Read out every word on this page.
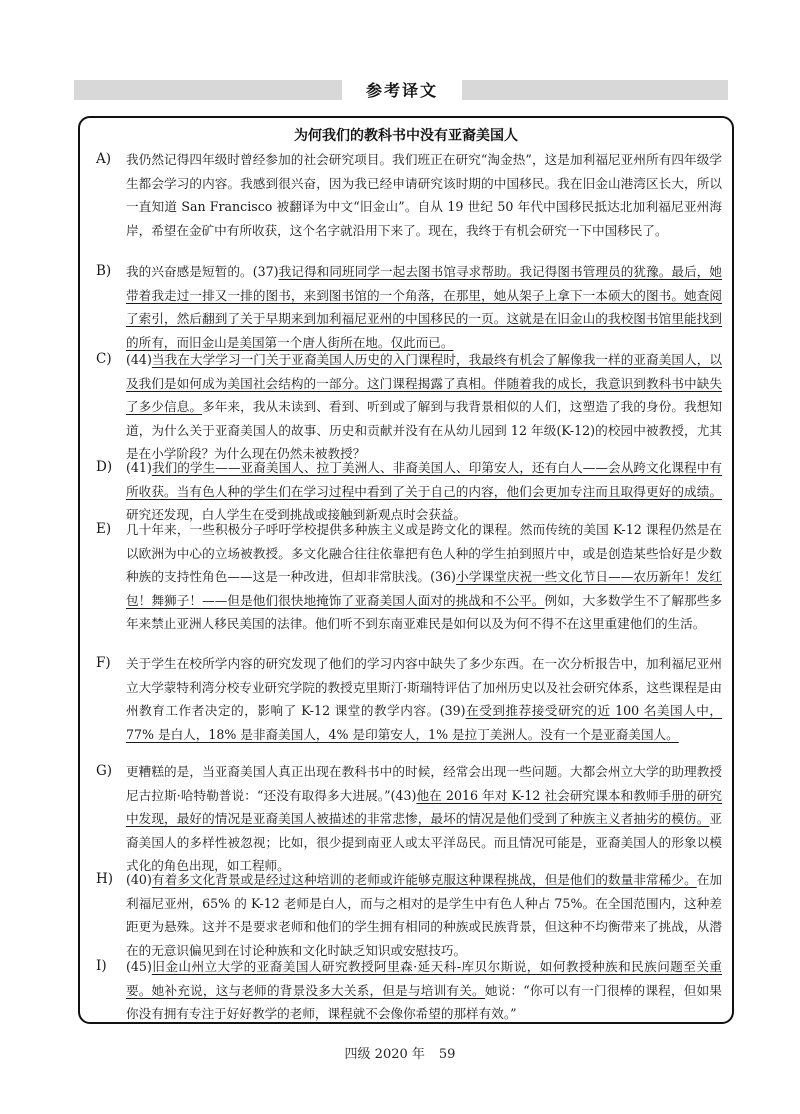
参考译文
为何我们的教科书中没有亚裔美国人
A) 我仍然记得四年级时曾经参加的社会研究项目。我们班正在研究“淘金热”，这是加利福尼亚州所有四年级学生都会学习的内容。我感到很兴奋，因为我已经申请研究该时期的中国移民。我在旧金山港湾区长大，所以一直知道 San Francisco 被翻译为中文“旧金山”。自从 19 世纪 50 年代中国移民抵达北加利福尼亚州海岸，希望在金矿中有所收获，这个名字就沿用下来了。现在，我终于有机会研究一下中国移民了。
B) 我的兴奋感是短暂的。(37)我记得和同班同学一起去图书馆寻求帮助。我记得图书管理员的犹豫。最后，她带着我走过一排又一排的图书，来到图书馆的一个角落，在那里，她从架子上拿下一本硕大的图书。她查阅了索引，然后翻到了关于早期来到加利福尼亚州的中国移民的一页。这就是在旧金山的我校图书馆里能找到的所有，而旧金山是美国第一个唐人街所在地。仅此而已。
C) (44)当我在大学学习一门关于亚裔美国人历史的入门课程时，我最终有机会了解像我一样的亚裔美国人，以及我们是如何成为美国社会结构的一部分。这门课程揭露了真相。伴随着我的成长，我意识到教科书中缺失了多少信息。多年来，我从未读到、看到、听到或了解到与我背景相似的人们，这塑造了我的身份。我想知道，为什么关于亚裔美国人的故事、历史和贡献并没有在从幼儿园到 12 年级(K-12)的校园中被教授，尤其是在小学阶段？为什么现在仍然未被教授？
D) (41)我们的学生——亚裔美国人、拉丁美洲人、非裔美国人、印第安人，还有白人——会从跨文化课程中有所收获。当有色人种的学生们在学习过程中看到了关于自己的内容，他们会更加专注而且取得更好的成绩。研究还发现，白人学生在受到挑战或接触到新观点时会获益。
E) 几十年来，一些积极分子呼吁学校提供多种族主义或是跨文化的课程。然而传统的美国 K-12 课程仍然是在以欧洲为中心的立场被教授。多文化融合往往依靠把有色人种的学生拍到照片中，或是创造某些恰好是少数种族的支持性角色——这是一种改进，但却非常肤浅。(36)小学课堂庆祝一些文化节日——农历新年！发红包！舞狮子！——但是他们很快地掩饰了亚裔美国人面对的挑战和不公平。例如，大多数学生不了解那些多年来禁止亚洲人移民美国的法律。他们听不到东南亚难民是如何以及为何不得不在这里重建他们的生活。
F) 关于学生在校所学内容的研究发现了他们的学习内容中缺失了多少东西。在一次分析报告中，加利福尼亚州立大学蒙特利湾分校专业研究学院的教授克里斯汀·斯瑞特评估了加州历史以及社会研究体系，这些课程是由州教育工作者决定的，影响了 K-12 课堂的教学内容。(39)在受到推荐接受研究的近 100 名美国人中，77% 是白人，18% 是非裔美国人，4% 是印第安人，1% 是拉丁美洲人。没有一个是亚裔美国人。
G) 更糟糕的是，当亚裔美国人真正出现在教科书中的时候，经常会出现一些问题。大都会州立大学的助理教授尼古拉斯·哈特勒普说：“还没有取得多大进展。”(43)他在 2016 年对 K-12 社会研究课本和教师手册的研究中发现，最好的情况是亚裔美国人被描述的非常悲惨，最坏的情况是他们受到了种族主义者抽劣的模仿。亚裔美国人的多样性被忽视；比如，很少提到南亚人或太平洋岛民。而且情况可能是，亚裔美国人的形象以模式化的角色出现，如工程师。
H) (40)有着多文化背景或是经过这种培训的老师或许能够克服这种课程挑战，但是他们的数量非常稀少。在加利福尼亚州，65% 的 K-12 老师是白人，而与之相对的是学生中有色人种占 75%。在全国范围内，这种差距更为悬殊。这并不是要求老师和他们的学生拥有相同的种族或民族背景，但这种不均衡带来了挑战，从潜在的无意识偏见到在讨论种族和文化时缺乏知识或安慰技巧。
I) (45)旧金山州立大学的亚裔美国人研究教授阿里森·延天科-库贝尔斯说，如何教授种族和民族问题至关重要。她补充说，这与老师的背景没多大关系，但是与培训有关。她说：“你可以有一门很棒的课程，但如果你没有拥有专注于好好教学的老师，课程就不会像你希望的那样有效。”
四级 2020 年 59
